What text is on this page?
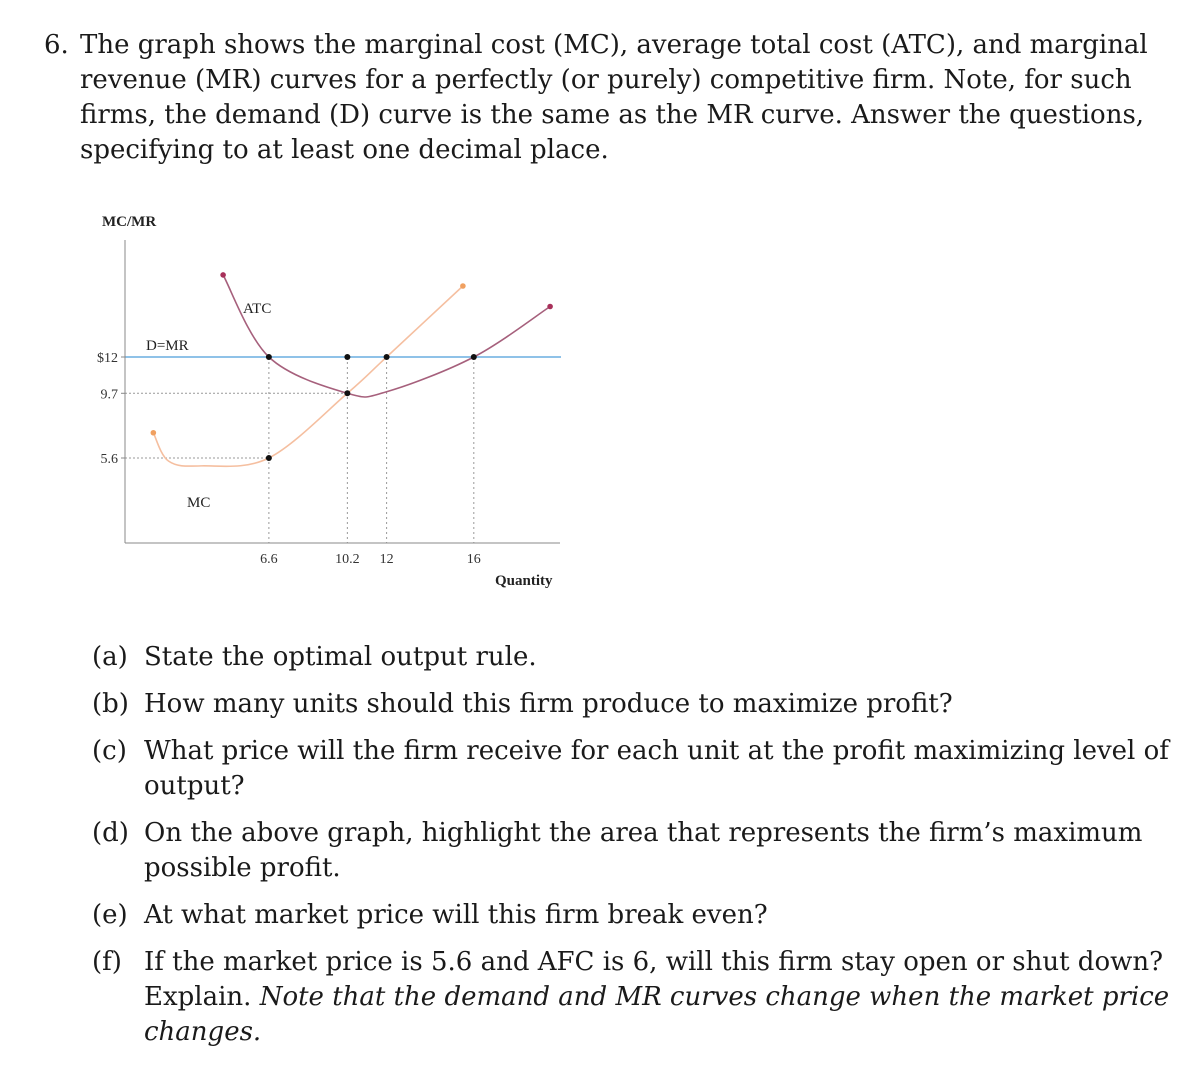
6. The graph shows the marginal cost (MC), average total cost (ATC), and marginal
revenue (MR) curves for a perfectly (or purely) competitive firm. Note, for such
firms, the demand (D) curve is the same as the MR curve. Answer the questions,
specifying to at least one decimal place.
MC/MR
Quantity
D=MR
ATC
MC
$12
9.7
5.6
6.6	10.2 12	16
(a) State the optimal output rule.
(b) How many units should this firm produce to maximize profit?
(c) What price will the firm receive for each unit at the profit maximizing level of
output?
(d) On the above graph, highlight the area that represents the firm’s maximum
possible profit.
(e) At what market price will this firm break even?
(f) If the market price is 5.6 and AFC is 6, will this firm stay open or shut down?
Explain. Note that the demand and MR curves change when the market price
changes.
